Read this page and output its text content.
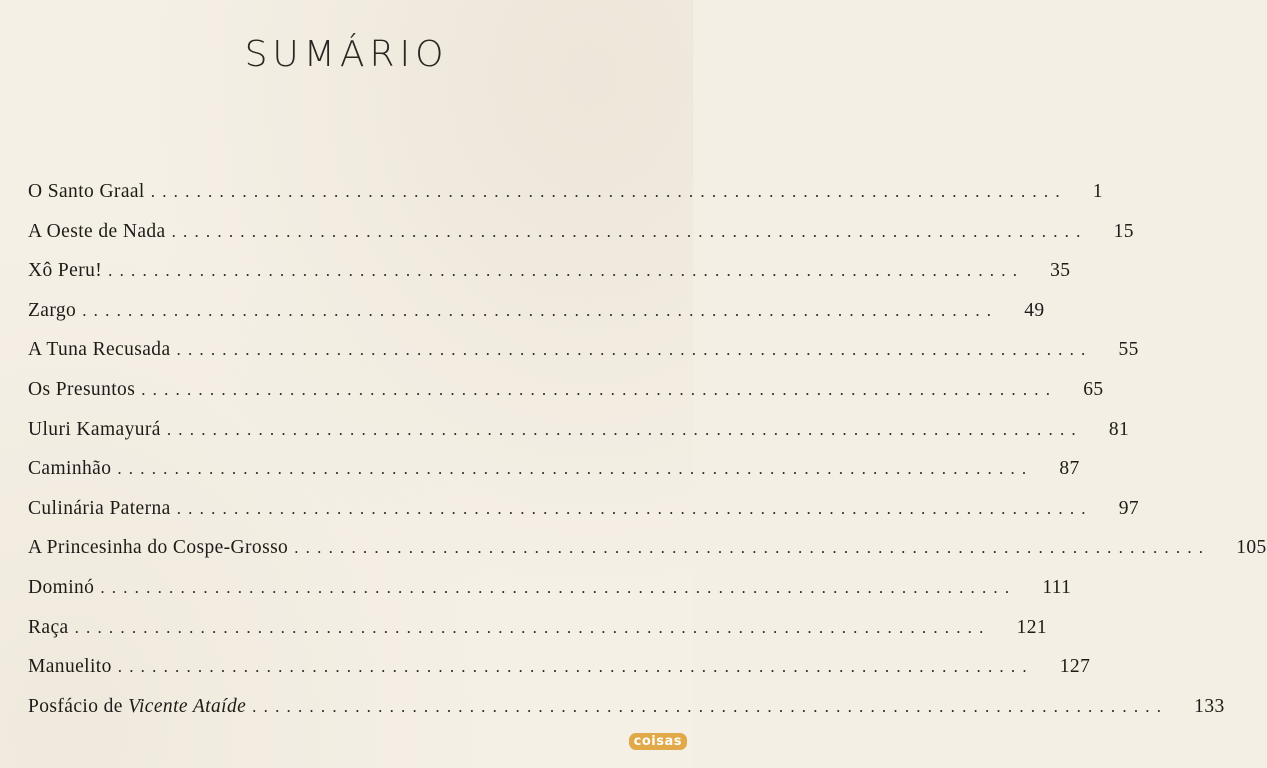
SUMÁRIO
O Santo Graal ................................................................................ 1
A Oeste de Nada ................................................................................ 15
Xô Peru! ................................................................................ 35
Zargo ................................................................................ 49
A Tuna Recusada ................................................................................ 55
Os Presuntos ................................................................................ 65
Uluri Kamayurá ................................................................................ 81
Caminhão ................................................................................ 87
Culinária Paterna ................................................................................ 97
A Princesinha do Cospe-Grosso ................................................................................ 105
Dominó ................................................................................ 111
Raça ................................................................................ 121
Manuelito ................................................................................ 127
Posfácio de Vicente Ataíde ................................................................................ 133
coisas
